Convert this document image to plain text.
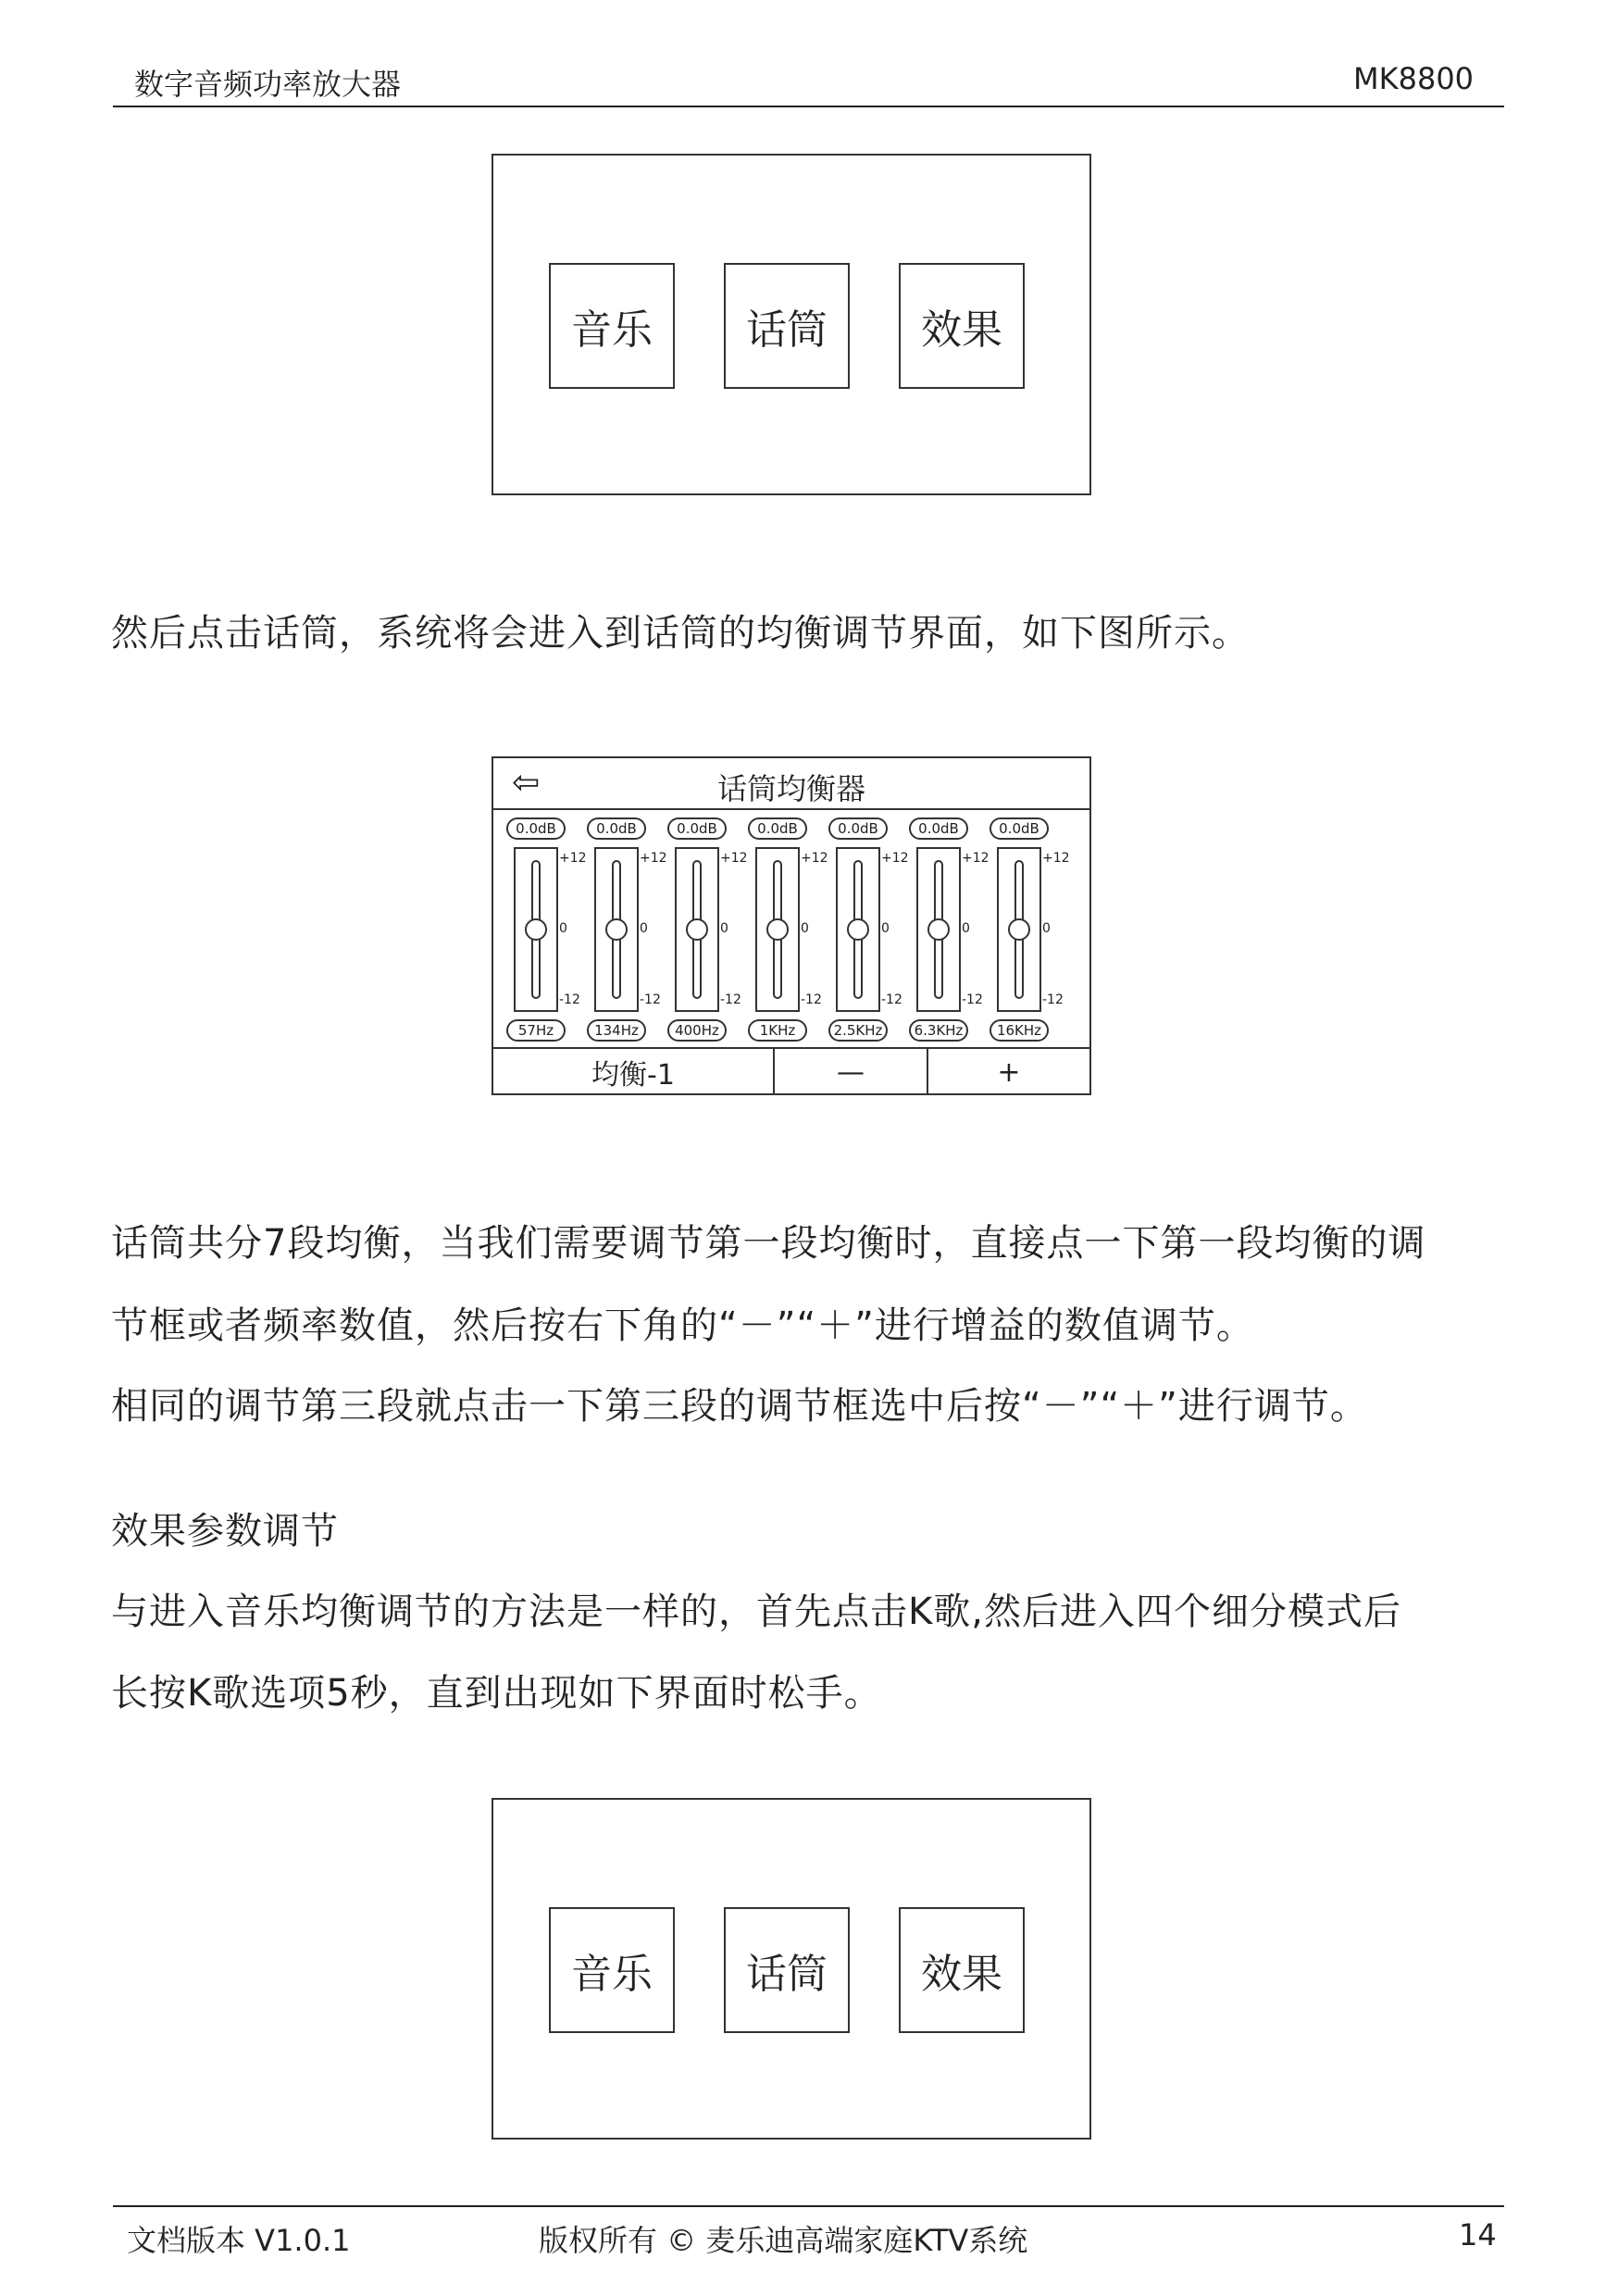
数字音频功率放大器	MK8800
音乐	话筒	效果
然后点击话筒，系统将会进入到话筒的均衡调节界面，如下图所示。
⇦	话筒均衡器
0.0dB
+12
0
-12
57Hz
0.0dB
+12
0
-12
134Hz
0.0dB
+12
0
-12
400Hz
0.0dB
+12
0
-12
1KHz
0.0dB
+12
0
-12
2.5KHz
0.0dB
+12
0
-12
6.3KHz
0.0dB
+12
0
-12
16KHz
均衡-1	—	+
话筒共分7段均衡，当我们需要调节第一段均衡时，直接点一下第一段均衡的调
节框或者频率数值，然后按右下角的“－”“＋”进行增益的数值调节。
相同的调节第三段就点击一下第三段的调节框选中后按“－”“＋”进行调节。
效果参数调节
与进入音乐均衡调节的方法是一样的，首先点击K歌,然后进入四个细分模式后
长按K歌选项5秒，直到出现如下界面时松手。
音乐	话筒	效果
文档版本 V1.0.1	版权所有 © 麦乐迪高端家庭KTV系统	14
